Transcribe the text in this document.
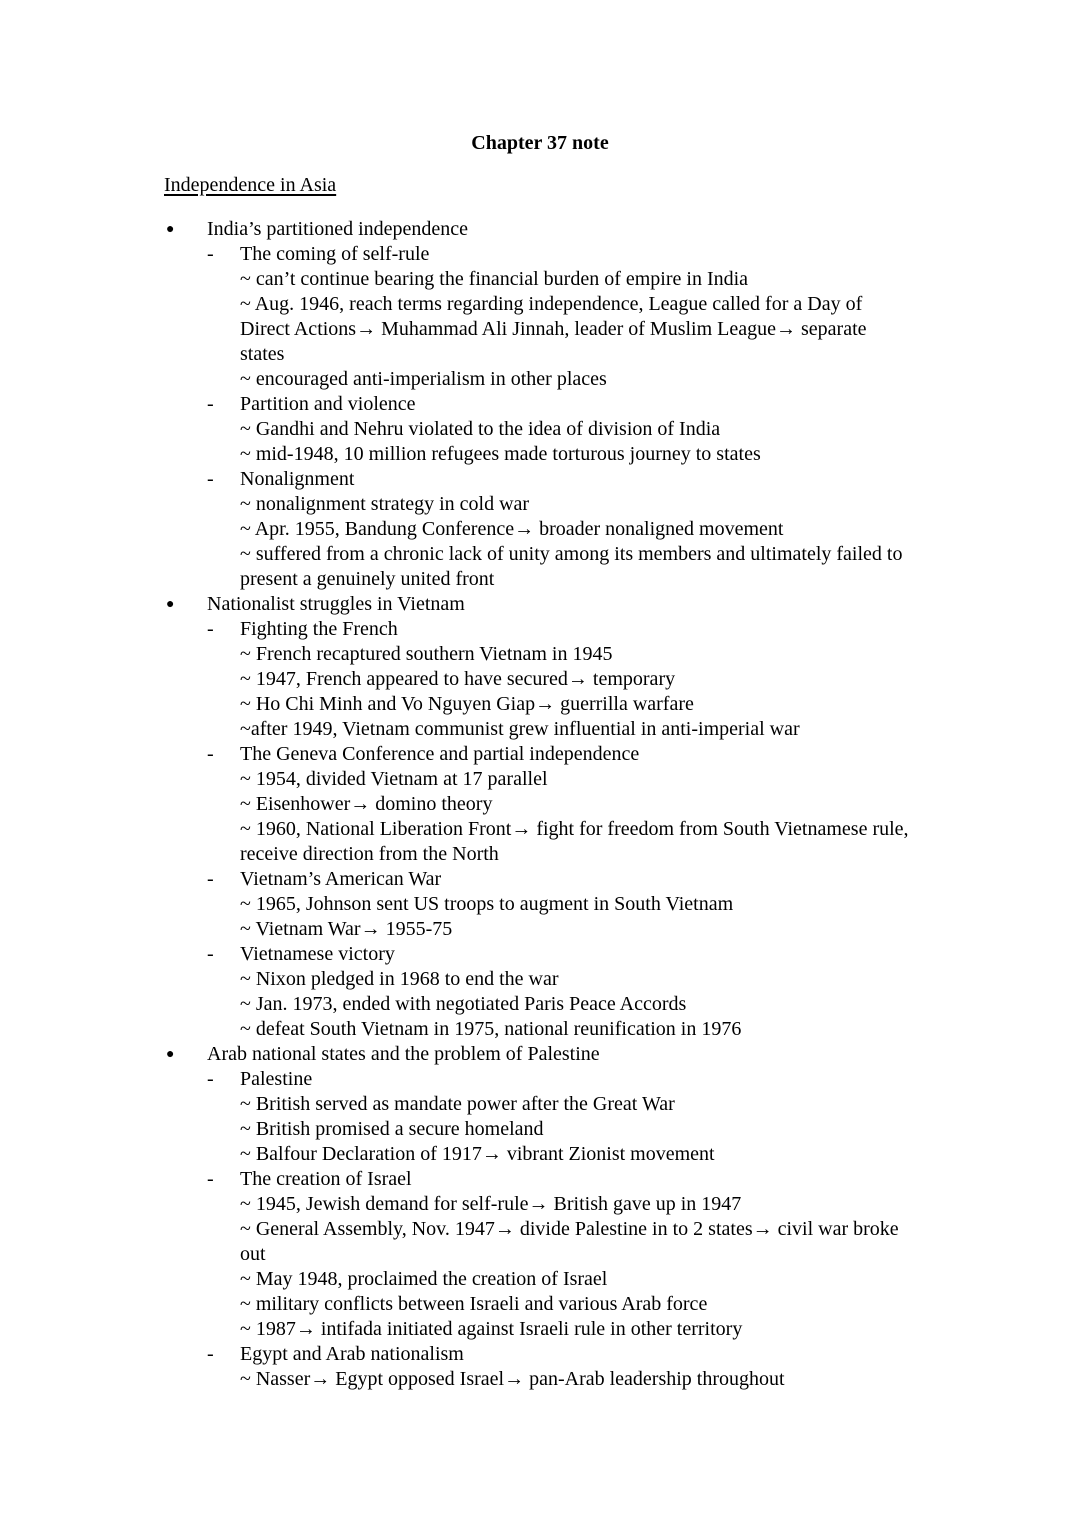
Chapter 37 note
Independence in Asia
● India’s partitioned independence
- The coming of self-rule
~ can’t continue bearing the financial burden of empire in India
~ Aug. 1946, reach terms regarding independence, League called for a Day of Direct Actions→ Muhammad Ali Jinnah, leader of Muslim League→ separate states
~ encouraged anti-imperialism in other places
- Partition and violence
~ Gandhi and Nehru violated to the idea of division of India
~ mid-1948, 10 million refugees made torturous journey to states
- Nonalignment
~ nonalignment strategy in cold war
~ Apr. 1955, Bandung Conference→ broader nonaligned movement
~ suffered from a chronic lack of unity among its members and ultimately failed to present a genuinely united front
● Nationalist struggles in Vietnam
- Fighting the French
~ French recaptured southern Vietnam in 1945
~ 1947, French appeared to have secured→ temporary
~ Ho Chi Minh and Vo Nguyen Giap→ guerrilla warfare
~after 1949, Vietnam communist grew influential in anti-imperial war
- The Geneva Conference and partial independence
~ 1954, divided Vietnam at 17 parallel
~ Eisenhower→ domino theory
~ 1960, National Liberation Front→ fight for freedom from South Vietnamese rule, receive direction from the North
- Vietnam’s American War
~ 1965, Johnson sent US troops to augment in South Vietnam
~ Vietnam War→ 1955-75
- Vietnamese victory
~ Nixon pledged in 1968 to end the war
~ Jan. 1973, ended with negotiated Paris Peace Accords
~ defeat South Vietnam in 1975, national reunification in 1976
● Arab national states and the problem of Palestine
- Palestine
~ British served as mandate power after the Great War
~ British promised a secure homeland
~ Balfour Declaration of 1917→ vibrant Zionist movement
- The creation of Israel
~ 1945, Jewish demand for self-rule→ British gave up in 1947
~ General Assembly, Nov. 1947→ divide Palestine in to 2 states→ civil war broke out
~ May 1948, proclaimed the creation of Israel
~ military conflicts between Israeli and various Arab force
~ 1987→ intifada initiated against Israeli rule in other territory
- Egypt and Arab nationalism
~ Nasser→ Egypt opposed Israel→ pan-Arab leadership throughout
